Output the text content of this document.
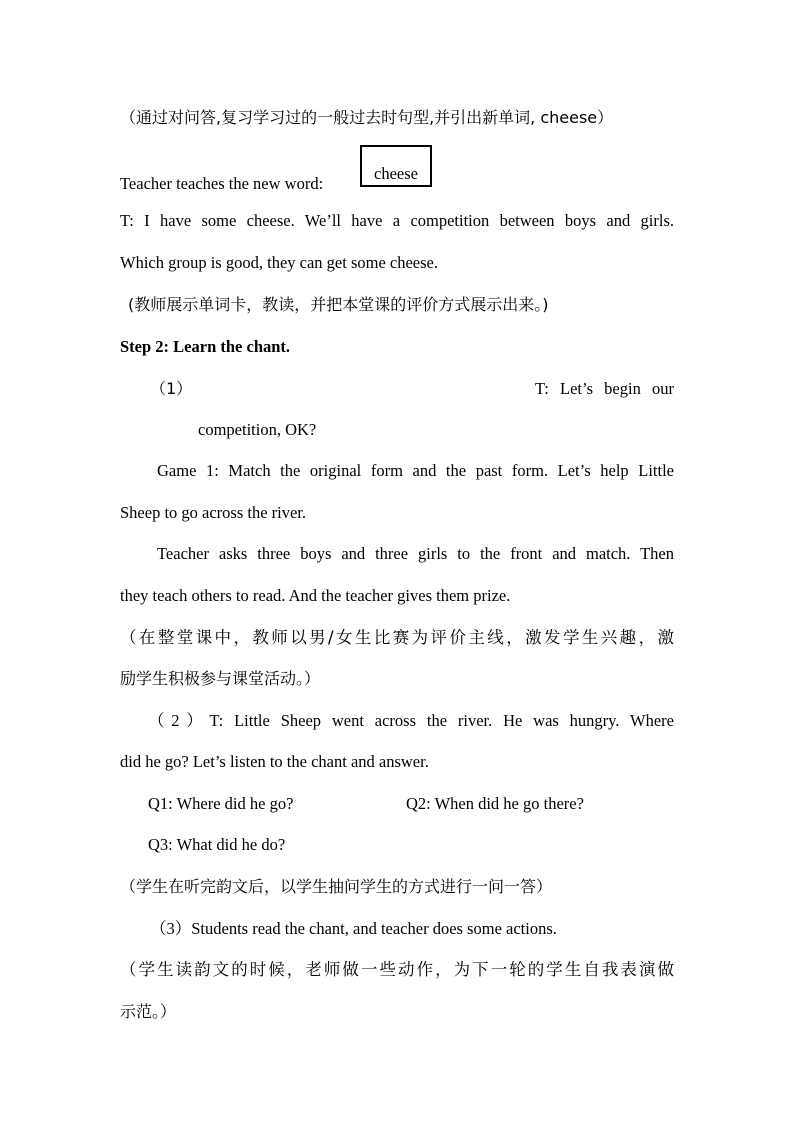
（通过对问答,复习学习过的一般过去时句型,并引出新单词, cheese）
Teacher teaches the new word:
cheese
T: I have some cheese. We’ll have a competition between boys and girls.
Which group is good, they can get some cheese.
(教师展示单词卡，教读，并把本堂课的评价方式展示出来。)
Step 2: Learn the chant.
（1）	T: Let’s begin our
competition, OK?
Game 1: Match the original form and the past form. Let’s help Little
Sheep to go across the river.
Teacher asks three boys and three girls to the front and match. Then
they teach others to read. And the teacher gives them prize.
（在整堂课中，教师以男/女生比赛为评价主线，激发学生兴趣，激
励学生积极参与课堂活动。）
（2）T: Little Sheep went across the river. He was hungry. Where
did he go? Let’s listen to the chant and answer.
Q1: Where did he go?	Q2: When did he go there?
Q3: What did he do?
（学生在听完韵文后，以学生抽问学生的方式进行一问一答）
（3）Students read the chant, and teacher does some actions.
（学生读韵文的时候，老师做一些动作，为下一轮的学生自我表演做
示范。）
